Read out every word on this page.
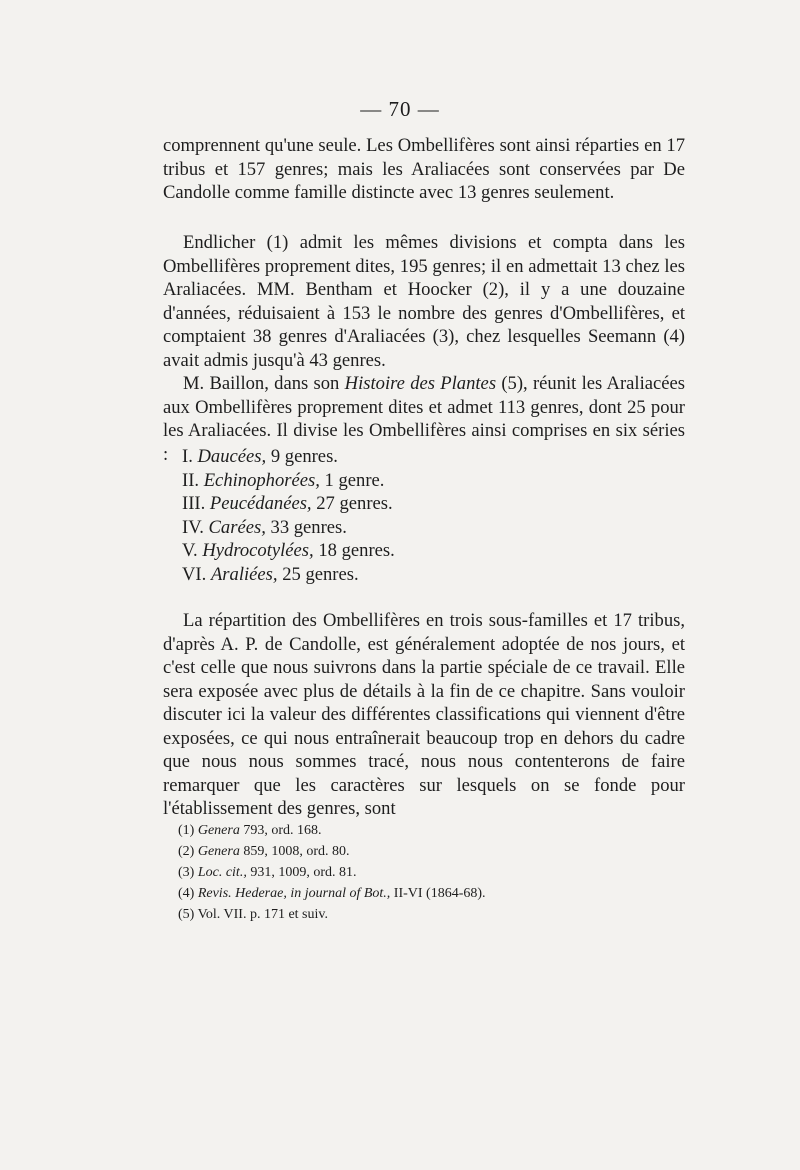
— 70 —

comprennent qu'une seule. Les Ombellifères sont ainsi réparties en 17 tribus et 157 genres; mais les Araliacées sont conservées par De Candolle comme famille distincte avec 13 genres seulement.

Endlicher (1) admit les mêmes divisions et compta dans les Ombellifères proprement dites, 195 genres; il en admettait 13 chez les Araliacées. MM. Bentham et Hoocker (2), il y a une douzaine d'années, réduisaient à 153 le nombre des genres d'Ombellifères, et comptaient 38 genres d'Araliacées (3), chez lesquelles Seemann (4) avait admis jusqu'à 43 genres.

M. Baillon, dans son Histoire des Plantes (5), réunit les Araliacées aux Ombellifères proprement dites et admet 113 genres, dont 25 pour les Araliacées. Il divise les Ombellifères ainsi comprises en six séries : I. Daucées, 9 genres.
II. Echinophorées, 1 genre.
III. Peucédanées, 27 genres.
IV. Carées, 33 genres.
V. Hydrocotylées, 18 genres.
VI. Araliées, 25 genres.

La répartition des Ombellifères en trois sous-familles et 17 tribus, d'après A. P. de Candolle, est généralement adoptée de nos jours, et c'est celle que nous suivrons dans la partie spéciale de ce travail. Elle sera exposée avec plus de détails à la fin de ce chapitre. Sans vouloir discuter ici la valeur des différentes classifications qui viennent d'être exposées, ce qui nous entraînerait beaucoup trop en dehors du cadre que nous nous sommes tracé, nous nous contenterons de faire remarquer que les caractères sur lesquels on se fonde pour l'établissement des genres, sont

(1) Genera 793, ord. 168.
(2) Genera 859, 1008, ord. 80.
(3) Loc. cit., 931, 1009, ord. 81.
(4) Revis. Hederae, in journal of Bot., II-VI (1864-68).
(5) Vol. VII. p. 171 et suiv.
